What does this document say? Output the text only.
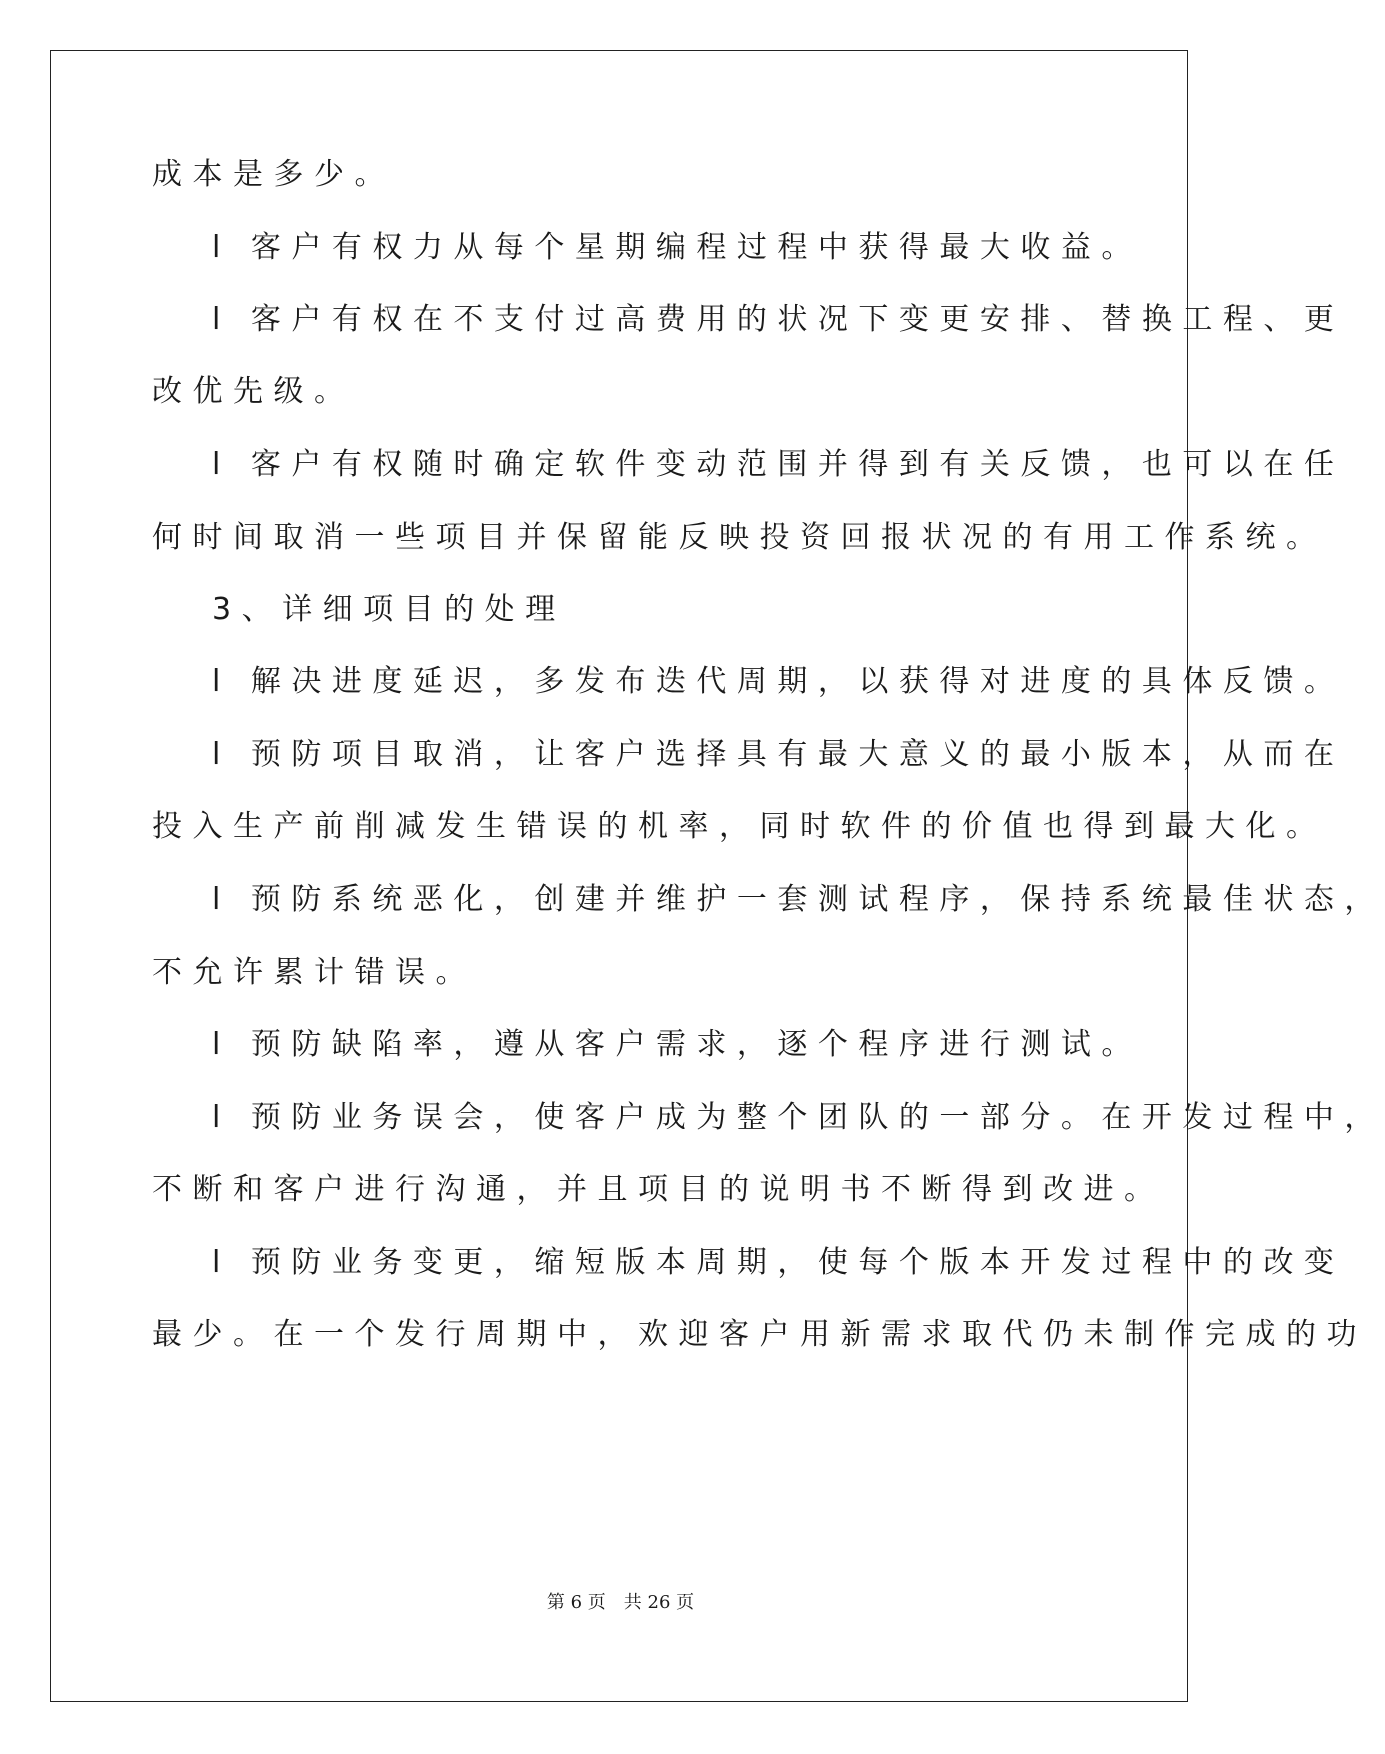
成本是多少。
l 客户有权力从每个星期编程过程中获得最大收益。
l 客户有权在不支付过高费用的状况下变更安排、替换工程、更
改优先级。
l 客户有权随时确定软件变动范围并得到有关反馈，也可以在任
何时间取消一些项目并保留能反映投资回报状况的有用工作系统。
3、详细项目的处理
l 解决进度延迟，多发布迭代周期，以获得对进度的具体反馈。
l 预防项目取消，让客户选择具有最大意义的最小版本，从而在
投入生产前削减发生错误的机率，同时软件的价值也得到最大化。
l 预防系统恶化，创建并维护一套测试程序，保持系统最佳状态，
不允许累计错误。
l 预防缺陷率，遵从客户需求，逐个程序进行测试。
l 预防业务误会，使客户成为整个团队的一部分。在开发过程中，
不断和客户进行沟通，并且项目的说明书不断得到改进。
l 预防业务变更，缩短版本周期，使每个版本开发过程中的改变
最少。在一个发行周期中，欢迎客户用新需求取代仍未制作完成的功
第 6 页　共 26 页
